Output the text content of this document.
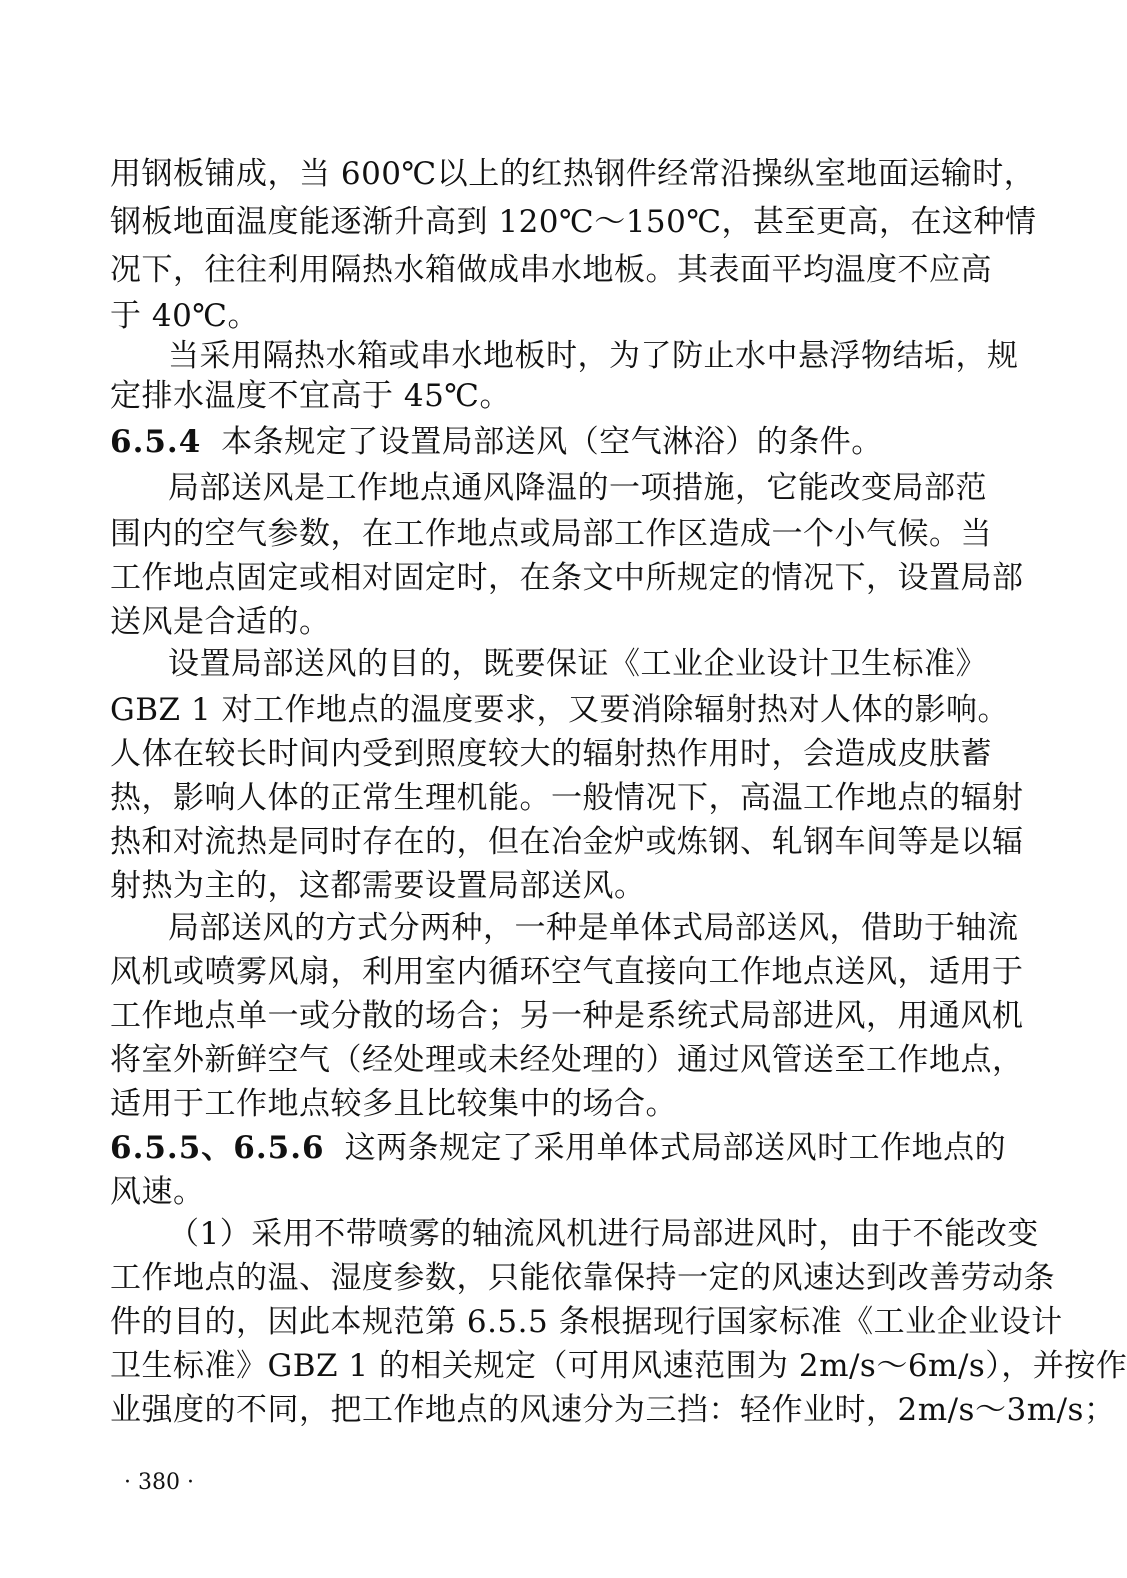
用钢板铺成，当 600℃以上的红热钢件经常沿操纵室地面运输时，
钢板地面温度能逐渐升高到 120℃～150℃，甚至更高，在这种情
况下，往往利用隔热水箱做成串水地板。其表面平均温度不应高
于 40℃。
当采用隔热水箱或串水地板时，为了防止水中悬浮物结垢，规
定排水温度不宜高于 45℃。
6.5.4 本条规定了设置局部送风（空气淋浴）的条件。
局部送风是工作地点通风降温的一项措施，它能改变局部范
围内的空气参数，在工作地点或局部工作区造成一个小气候。当
工作地点固定或相对固定时，在条文中所规定的情况下，设置局部
送风是合适的。
设置局部送风的目的，既要保证《工业企业设计卫生标准》
GBZ 1 对工作地点的温度要求，又要消除辐射热对人体的影响。
人体在较长时间内受到照度较大的辐射热作用时，会造成皮肤蓄
热，影响人体的正常生理机能。一般情况下，高温工作地点的辐射
热和对流热是同时存在的，但在冶金炉或炼钢、轧钢车间等是以辐
射热为主的，这都需要设置局部送风。
局部送风的方式分两种，一种是单体式局部送风，借助于轴流
风机或喷雾风扇，利用室内循环空气直接向工作地点送风，适用于
工作地点单一或分散的场合；另一种是系统式局部进风，用通风机
将室外新鲜空气（经处理或未经处理的）通过风管送至工作地点，
适用于工作地点较多且比较集中的场合。
6.5.5、6.5.6 这两条规定了采用单体式局部送风时工作地点的
风速。
（1）采用不带喷雾的轴流风机进行局部进风时，由于不能改变
工作地点的温、湿度参数，只能依靠保持一定的风速达到改善劳动条
件的目的，因此本规范第 6.5.5 条根据现行国家标准《工业企业设计
卫生标准》GBZ 1 的相关规定（可用风速范围为 2m/s～6m/s），并按作
业强度的不同，把工作地点的风速分为三挡：轻作业时，2m/s～3m/s；
· 380 ·
